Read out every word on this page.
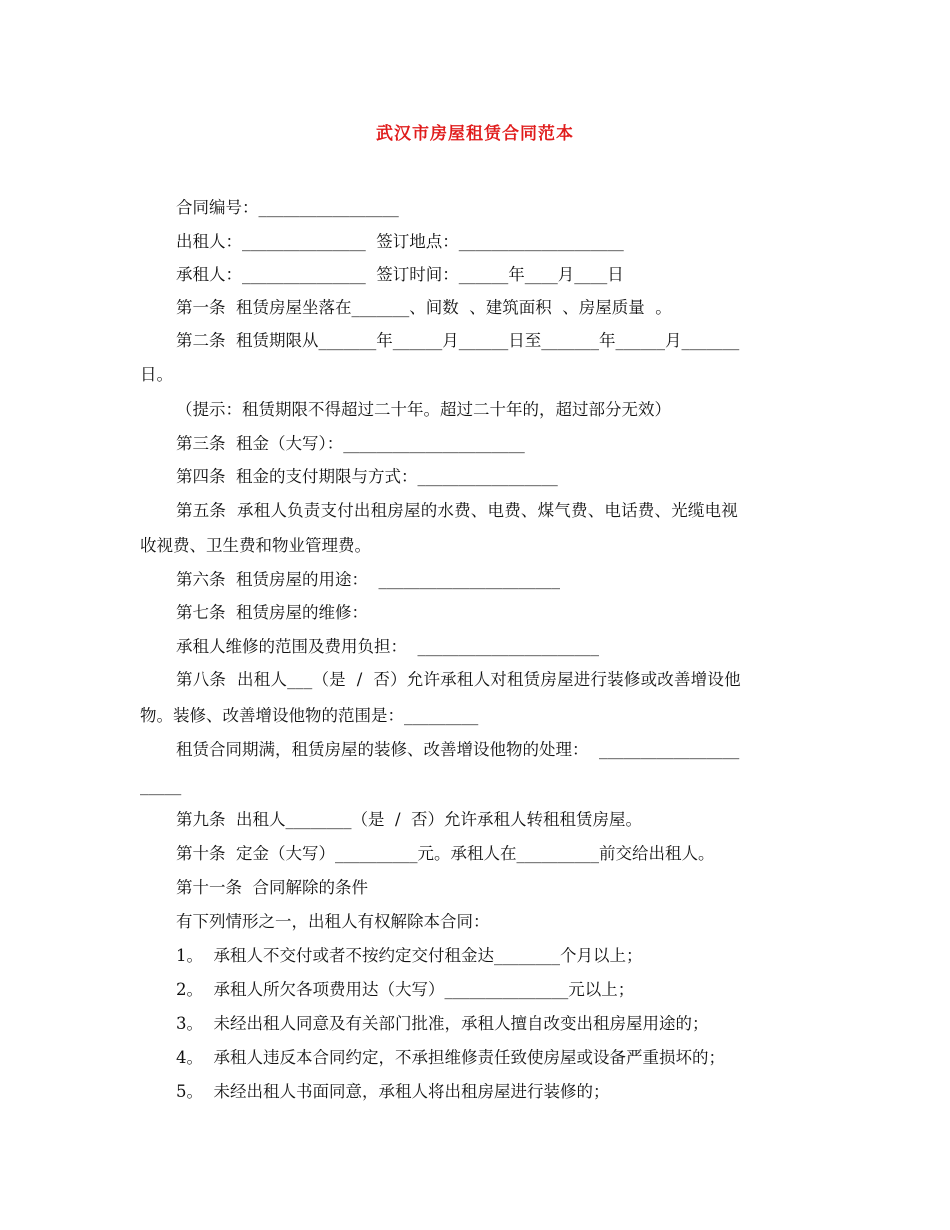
武汉市房屋租赁合同范本
合同编号：_________________
出租人：_______________  签订地点：____________________
承租人：_______________  签订时间：______年____月____日
第一条  租赁房屋坐落在_______、间数  、建筑面积  、房屋质量  。
第二条  租赁期限从_______年______月______日至_______年______月_______
日。
（提示：租赁期限不得超过二十年。超过二十年的，超过部分无效）
第三条  租金（大写）：______________________
第四条  租金的支付期限与方式：_________________
第五条  承租人负责支付出租房屋的水费、电费、煤气费、电话费、光缆电视
收视费、卫生费和物业管理费。
第六条  租赁房屋的用途：  ______________________
第七条  租赁房屋的维修：
承租人维修的范围及费用负担：  ______________________
第八条  出租人___（是  /  否）允许承租人对租赁房屋进行装修或改善增设他
物。装修、改善增设他物的范围是：_________
租赁合同期满，租赁房屋的装修、改善增设他物的处理：  _________________
_____
第九条  出租人________（是  /  否）允许承租人转租租赁房屋。
第十条  定金（大写）__________元。承租人在__________前交给出租人。
第十一条  合同解除的条件
有下列情形之一，出租人有权解除本合同：
1。  承租人不交付或者不按约定交付租金达________个月以上；
2。  承租人所欠各项费用达（大写）_______________元以上；
3。  未经出租人同意及有关部门批准，承租人擅自改变出租房屋用途的；
4。  承租人违反本合同约定，不承担维修责任致使房屋或设备严重损坏的；
5。  未经出租人书面同意，承租人将出租房屋进行装修的；
